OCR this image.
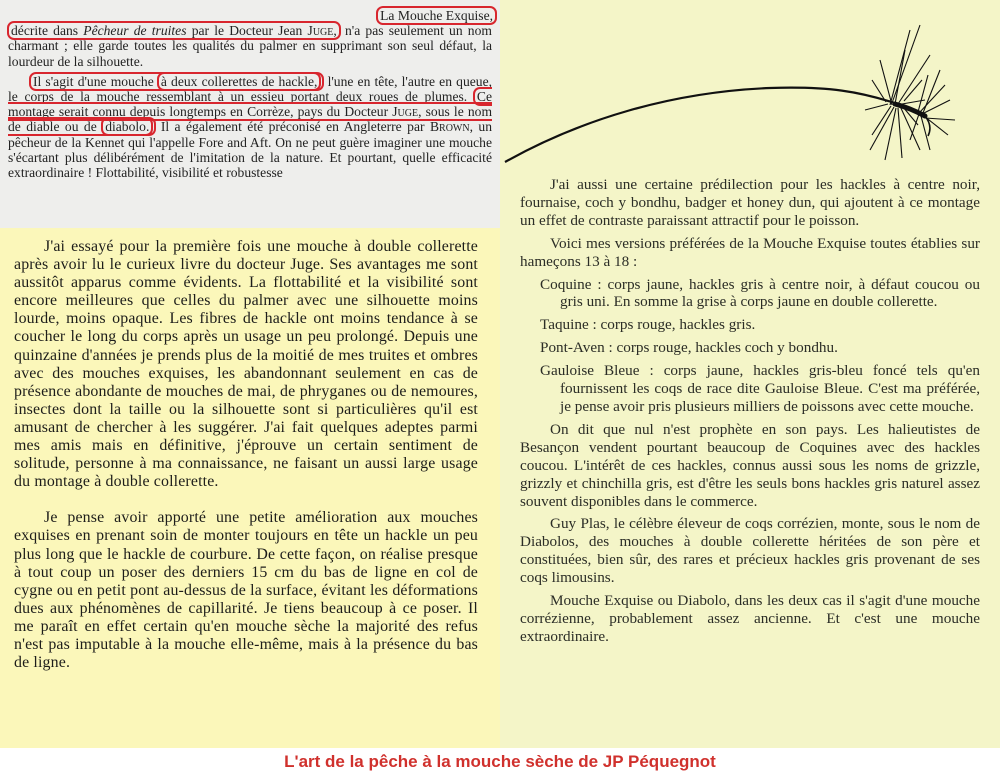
La Mouche Exquise,

décrite dans Pêcheur de truites par le Docteur Jean Juge, n'a pas seulement un nom charmant ; elle garde toutes les qualités du palmer en supprimant son seul défaut, la lourdeur de la silhouette.

Il s'agit d'une mouche à deux collerettes de hackle, l'une en tête, l'autre en queue, le corps de la mouche ressemblant à un essieu portant deux roues de plumes. Ce montage serait connu depuis longtemps en Corrèze, pays du Docteur Juge, sous le nom de diable ou de diabolo. Il a également été préconisé en Angleterre par Brown, un pêcheur de la Kennet qui l'appelle Fore and Aft. On ne peut guère imaginer une mouche s'écartant plus délibérément de l'imitation de la nature. Et pourtant, quelle efficacité extraordinaire ! Flottabilité, visibilité et robustesse

J'ai essayé pour la première fois une mouche à double collerette après avoir lu le curieux livre du docteur Juge. Ses avantages me sont aussitôt apparus comme évidents. La flottabilité et la visibilité sont encore meilleures que celles du palmer avec une silhouette moins lourde, moins opaque. Les fibres de hackle ont moins tendance à se coucher le long du corps après un usage un peu prolongé. Depuis une quinzaine d'années je prends plus de la moitié de mes truites et ombres avec des mouches exquises, les abandonnant seulement en cas de présence abondante de mouches de mai, de phryganes ou de nemoures, insectes dont la taille ou la silhouette sont si particulières qu'il est amusant de chercher à les suggérer. J'ai fait quelques adeptes parmi mes amis mais en définitive, j'éprouve un certain sentiment de solitude, personne à ma connaissance, ne faisant un aussi large usage du montage à double collerette.

Je pense avoir apporté une petite amélioration aux mouches exquises en prenant soin de monter toujours en tête un hackle un peu plus long que le hackle de courbure. De cette façon, on réalise presque à tout coup un poser des derniers 15 cm du bas de ligne en col de cygne ou en petit pont au-dessus de la surface, évitant les déformations dues aux phénomènes de capillarité. Je tiens beaucoup à ce poser. Il me paraît en effet certain qu'en mouche sèche la majorité des refus n'est pas imputable à la mouche elle-même, mais à la présence du bas de ligne.

J'ai aussi une certaine prédilection pour les hackles à centre noir, fournaise, coch y bondhu, badger et honey dun, qui ajoutent à ce montage un effet de contraste paraissant attractif pour le poisson.

Voici mes versions préférées de la Mouche Exquise toutes établies sur hameçons 13 à 18 :

Coquine : corps jaune, hackles gris à centre noir, à défaut coucou ou gris uni. En somme la grise à corps jaune en double collerette.

Taquine : corps rouge, hackles gris.

Pont-Aven : corps rouge, hackles coch y bondhu.

Gauloise Bleue : corps jaune, hackles gris-bleu foncé tels qu'en fournissent les coqs de race dite Gauloise Bleue. C'est ma préférée, je pense avoir pris plusieurs milliers de poissons avec cette mouche.

On dit que nul n'est prophète en son pays. Les halieutistes de Besançon vendent pourtant beaucoup de Coquines avec des hackles coucou. L'intérêt de ces hackles, connus aussi sous les noms de grizzle, grizzly et chinchilla gris, est d'être les seuls bons hackles gris naturel assez souvent disponibles dans le commerce.

Guy Plas, le célèbre éleveur de coqs corrézien, monte, sous le nom de Diabolos, des mouches à double collerette héritées de son père et constituées, bien sûr, des rares et précieux hackles gris provenant de ses coqs limousins.

Mouche Exquise ou Diabolo, dans les deux cas il s'agit d'une mouche corrézienne, probablement assez ancienne. Et c'est une mouche extraordinaire.

L'art de la pêche à la mouche sèche de JP Péquegnot
